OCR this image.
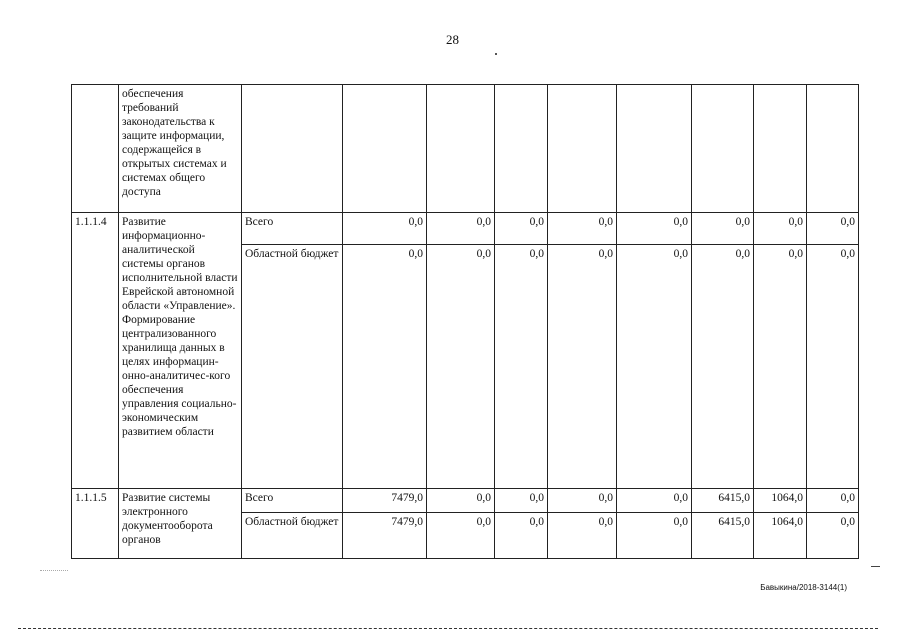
28
	обеспечения требований законодательства к защите информации, содержащейся в открытых системах и системах общего доступа									
1.1.1.4	Развитие информационно-аналитической системы органов исполнительной власти Еврейской автономной области «Управление». Формирование централизованного хранилища данных в целях информацин-онно-аналитичес-кого обеспечения управления социально-экономическим развитием области	Всего	0,0	0,0	0,0	0,0	0,0	0,0	0,0	0,0
		Областной бюджет	0,0	0,0	0,0	0,0	0,0	0,0	0,0	0,0
1.1.1.5	Развитие системы электронного документооборота органов	Всего	7479,0	0,0	0,0	0,0	0,0	6415,0	1064,0	0,0
		Областной бюджет	7479,0	0,0	0,0	0,0	0,0	6415,0	1064,0	0,0
Бавыкина/2018-3144(1)
